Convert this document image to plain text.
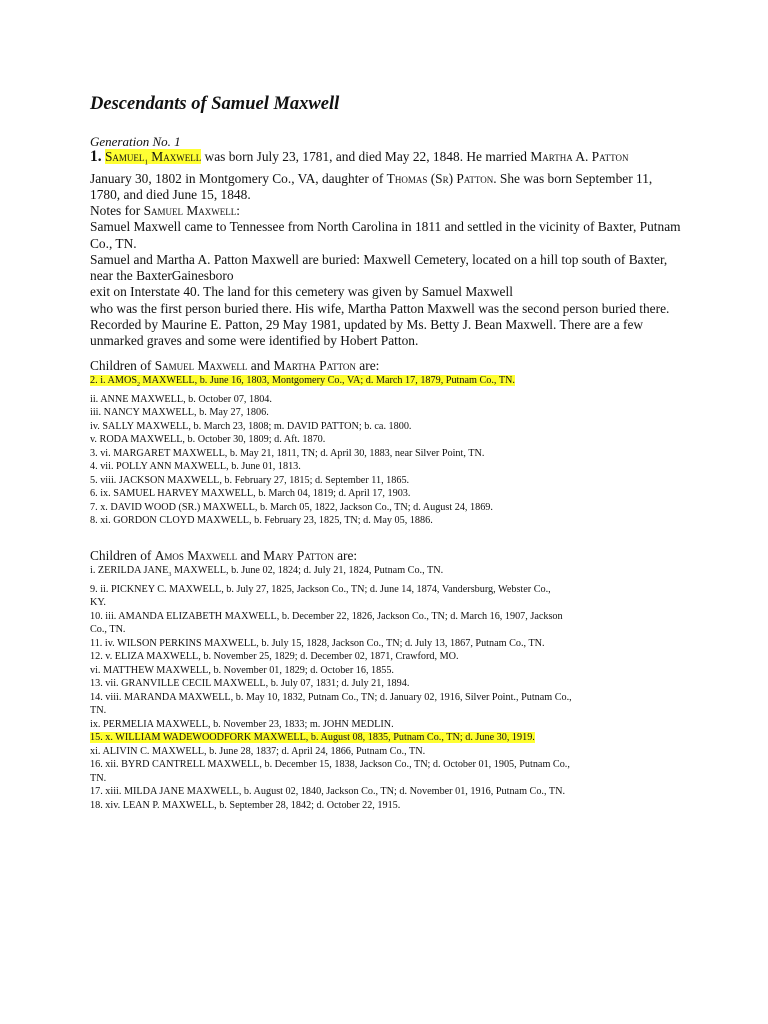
Descendants of Samuel Maxwell
Generation No. 1
1. Samuel$_1$ Maxwell was born July 23, 1781, and died May 22, 1848. He married Martha A. Patton
January 30, 1802 in Montgomery Co., VA, daughter of Thomas (Sr) Patton. She was born September 11,
1780, and died June 15, 1848.
Notes for Samuel Maxwell:
Samuel Maxwell came to Tennessee from North Carolina in 1811 and settled in the vicinity of Baxter, Putnam
Co., TN.
Samuel and Martha A. Patton Maxwell are buried: Maxwell Cemetery, located on a hill top south of Baxter,
near the BaxterGainesboro
exit on Interstate 40. The land for this cemetery was given by Samuel Maxwell
who was the first person buried there. His wife, Martha Patton Maxwell was the second person buried there.
Recorded by Maurine E. Patton, 29 May 1981, updated by Ms. Betty J. Bean Maxwell. There are a few
unmarked graves and some were identified by Hobert Patton.
Children of Samuel Maxwell and Martha Patton are:
2. i. $AMOS_2$ MAXWELL, b. June 16, 1803, Montgomery Co., VA; d. March 17, 1879, Putnam Co., TN.
ii. ANNE MAXWELL, b. October 07, 1804.
iii. NANCY MAXWELL, b. May 27, 1806.
iv. SALLY MAXWELL, b. March 23, 1808; m. DAVID PATTON; b. ca. 1800.
v. RODA MAXWELL, b. October 30, 1809; d. Aft. 1870.
3. vi. MARGARET MAXWELL, b. May 21, 1811, TN; d. April 30, 1883, near Silver Point, TN.
4. vii. POLLY ANN MAXWELL, b. June 01, 1813.
5. viii. JACKSON MAXWELL, b. February 27, 1815; d. September 11, 1865.
6. ix. SAMUEL HARVEY MAXWELL, b. March 04, 1819; d. April 17, 1903.
7. x. DAVID WOOD (SR.) MAXWELL, b. March 05, 1822, Jackson Co., TN; d. August 24, 1869.
8. xi. GORDON CLOYD MAXWELL, b. February 23, 1825, TN; d. May 05, 1886.
Children of Amos Maxwell and Mary Patton are:
i. ZERILDA $JANE_3$ MAXWELL, b. June 02, 1824; d. July 21, 1824, Putnam Co., TN.
9. ii. PICKNEY C. MAXWELL, b. July 27, 1825, Jackson Co., TN; d. June 14, 1874, Vandersburg, Webster Co.,
KY.
10. iii. AMANDA ELIZABETH MAXWELL, b. December 22, 1826, Jackson Co., TN; d. March 16, 1907, Jackson
Co., TN.
11. iv. WILSON PERKINS MAXWELL, b. July 15, 1828, Jackson Co., TN; d. July 13, 1867, Putnam Co., TN.
12. v. ELIZA MAXWELL, b. November 25, 1829; d. December 02, 1871, Crawford, MO.
vi. MATTHEW MAXWELL, b. November 01, 1829; d. October 16, 1855.
13. vii. GRANVILLE CECIL MAXWELL, b. July 07, 1831; d. July 21, 1894.
14. viii. MARANDA MAXWELL, b. May 10, 1832, Putnam Co., TN; d. January 02, 1916, Silver Point., Putnam Co.,
TN.
ix. PERMELIA MAXWELL, b. November 23, 1833; m. JOHN MEDLIN.
15. x. WILLIAM WADEWOODFORK MAXWELL, b. August 08, 1835, Putnam Co., TN; d. June 30, 1919.
xi. ALIVIN C. MAXWELL, b. June 28, 1837; d. April 24, 1866, Putnam Co., TN.
16. xii. BYRD CANTRELL MAXWELL, b. December 15, 1838, Jackson Co., TN; d. October 01, 1905, Putnam Co.,
TN.
17. xiii. MILDA JANE MAXWELL, b. August 02, 1840, Jackson Co., TN; d. November 01, 1916, Putnam Co., TN.
18. xiv. LEAN P. MAXWELL, b. September 28, 1842; d. October 22, 1915.
